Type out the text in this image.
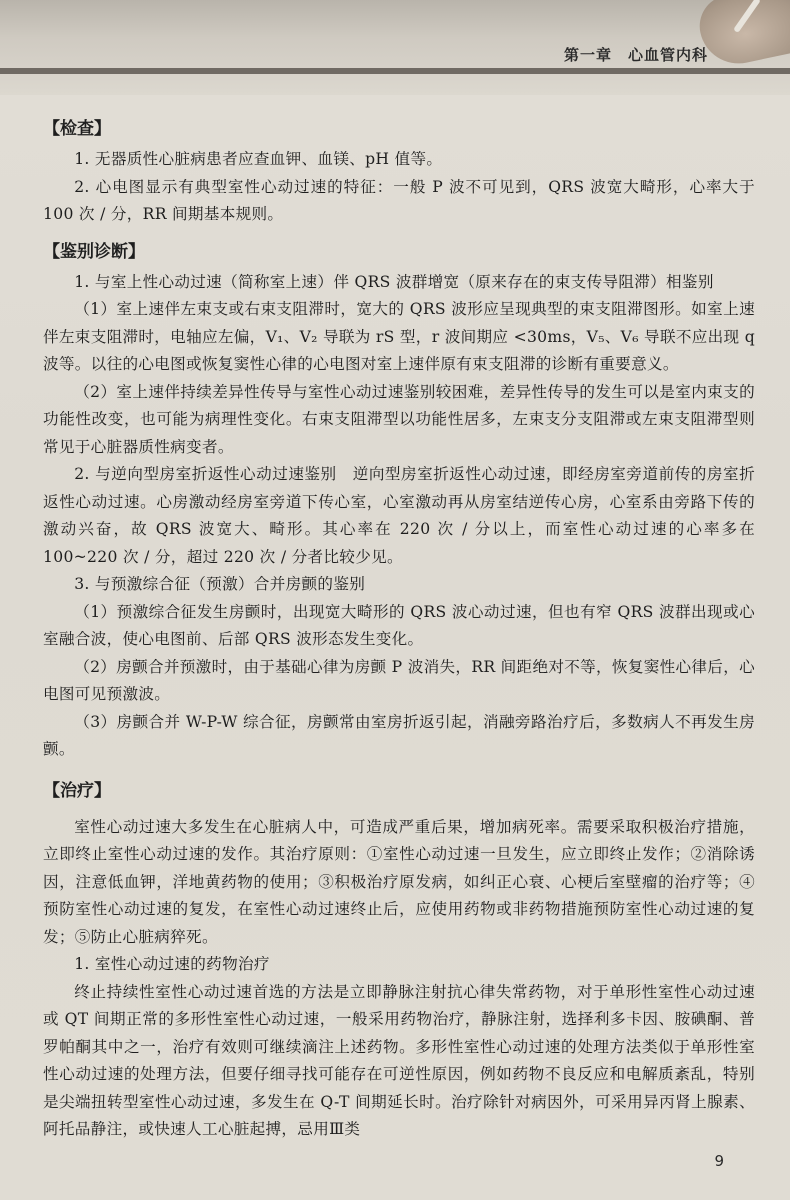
第一章　心血管内科
【检查】

1. 无器质性心脏病患者应查血钾、血镁、pH 值等。

2. 心电图显示有典型室性心动过速的特征：一般 P 波不可见到，QRS 波宽大畸形，心率大于 100 次 / 分，RR 间期基本规则。

【鉴别诊断】

1. 与室上性心动过速（简称室上速）伴 QRS 波群增宽（原来存在的束支传导阻滞）相鉴别

（1）室上速伴左束支或右束支阻滞时，宽大的 QRS 波形应呈现典型的束支阻滞图形。如室上速伴左束支阻滞时，电轴应左偏，V₁、V₂ 导联为 rS 型，r 波间期应 <30ms，V₅、V₆ 导联不应出现 q 波等。以往的心电图或恢复窦性心律的心电图对室上速伴原有束支阻滞的诊断有重要意义。

（2）室上速伴持续差异性传导与室性心动过速鉴别较困难，差异性传导的发生可以是室内束支的功能性改变，也可能为病理性变化。右束支阻滞型以功能性居多，左束支分支阻滞或左束支阻滞型则常见于心脏器质性病变者。

2. 与逆向型房室折返性心动过速鉴别　逆向型房室折返性心动过速，即经房室旁道前传的房室折返性心动过速。心房激动经房室旁道下传心室，心室激动再从房室结逆传心房，心室系由旁路下传的激动兴奋，故 QRS 波宽大、畸形。其心率在 220 次 / 分以上，而室性心动过速的心率多在 100~220 次 / 分，超过 220 次 / 分者比较少见。

3. 与预激综合征（预激）合并房颤的鉴别

（1）预激综合征发生房颤时，出现宽大畸形的 QRS 波心动过速，但也有窄 QRS 波群出现或心室融合波，使心电图前、后部 QRS 波形态发生变化。

（2）房颤合并预激时，由于基础心律为房颤 P 波消失，RR 间距绝对不等，恢复窦性心律后，心电图可见预激波。

（3）房颤合并 W-P-W 综合征，房颤常由室房折返引起，消融旁路治疗后，多数病人不再发生房颤。

【治疗】

室性心动过速大多发生在心脏病人中，可造成严重后果，增加病死率。需要采取积极治疗措施，立即终止室性心动过速的发作。其治疗原则：①室性心动过速一旦发生，应立即终止发作；②消除诱因，注意低血钾，洋地黄药物的使用；③积极治疗原发病，如纠正心衰、心梗后室壁瘤的治疗等；④预防室性心动过速的复发，在室性心动过速终止后，应使用药物或非药物措施预防室性心动过速的复发；⑤防止心脏病猝死。

1. 室性心动过速的药物治疗

终止持续性室性心动过速首选的方法是立即静脉注射抗心律失常药物，对于单形性室性心动过速或 QT 间期正常的多形性室性心动过速，一般采用药物治疗，静脉注射，选择利多卡因、胺碘酮、普罗帕酮其中之一，治疗有效则可继续滴注上述药物。多形性室性心动过速的处理方法类似于单形性室性心动过速的处理方法，但要仔细寻找可能存在可逆性原因，例如药物不良反应和电解质紊乱，特别是尖端扭转型室性心动过速，多发生在 Q-T 间期延长时。治疗除针对病因外，可采用异丙肾上腺素、阿托品静注，或快速人工心脏起搏，忌用Ⅲ类

9
